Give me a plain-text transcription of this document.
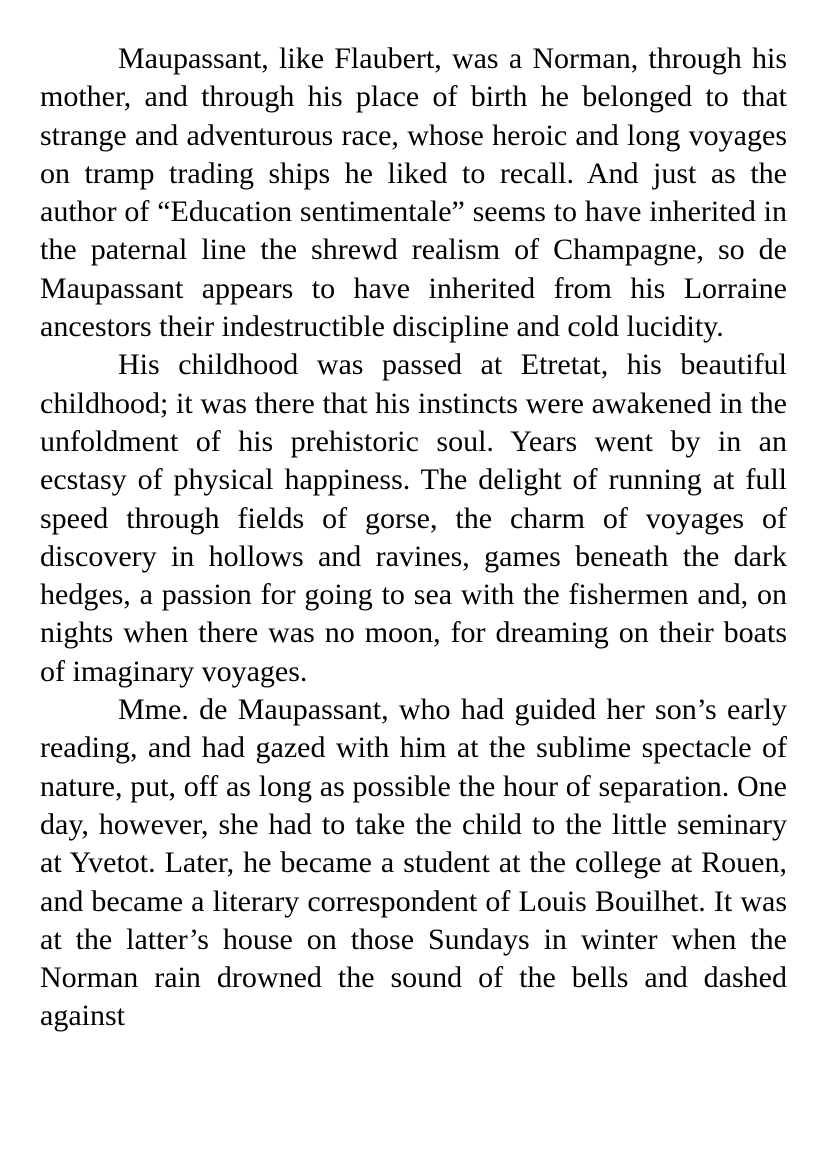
Maupassant, like Flaubert, was a Norman, through his mother, and through his place of birth he belonged to that strange and adventurous race, whose heroic and long voyages on tramp trading ships he liked to recall. And just as the author of “Education sentimentale” seems to have inherited in the paternal line the shrewd realism of Champagne, so de Maupassant appears to have inherited from his Lorraine ancestors their indestructible discipline and cold lucidity.

His childhood was passed at Etretat, his beautiful childhood; it was there that his instincts were awakened in the unfoldment of his prehistoric soul. Years went by in an ecstasy of physical happiness. The delight of running at full speed through fields of gorse, the charm of voyages of discovery in hollows and ravines, games beneath the dark hedges, a passion for going to sea with the fishermen and, on nights when there was no moon, for dreaming on their boats of imaginary voyages.

Mme. de Maupassant, who had guided her son’s early reading, and had gazed with him at the sublime spectacle of nature, put, off as long as possible the hour of separation. One day, however, she had to take the child to the little seminary at Yvetot. Later, he became a student at the college at Rouen, and became a literary correspondent of Louis Bouilhet. It was at the latter’s house on those Sundays in winter when the Norman rain drowned the sound of the bells and dashed against
